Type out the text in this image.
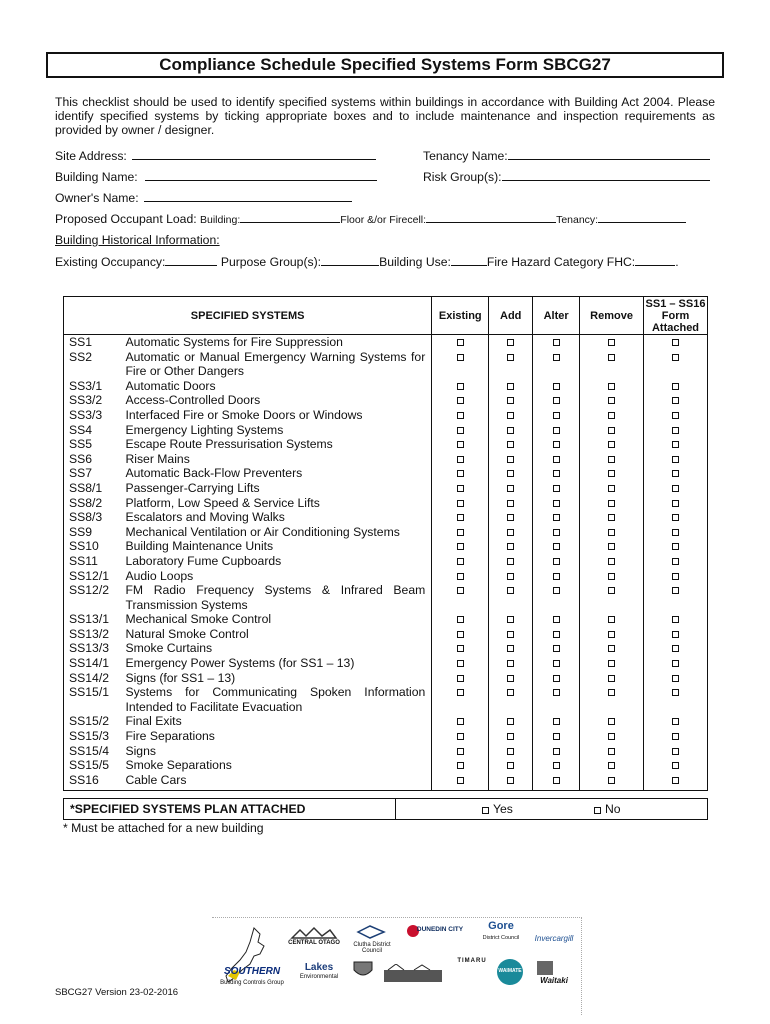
Compliance Schedule Specified Systems Form SBCG27

This checklist should be used to identify specified systems within buildings in accordance with Building Act 2004. Please identify specified systems by ticking appropriate boxes and to include maintenance and inspection requirements as provided by owner / designer.

Site Address:	Tenancy Name:
Building Name:	Risk Group(s):
Owner's Name:
Proposed Occupant Load: Building:	Floor &/or Firecell:	Tenancy:
Building Historical Information:
Existing Occupancy:	Purpose Group(s):	Building Use:	Fire Hazard Category FHC:	.
SPECIFIED SYSTEMS		Existing	Add	Alter	Remove	SS1 – SS16
Form
Attached
SS1	Automatic Systems for Fire Suppression					
SS2	Automatic or Manual Emergency Warning Systems for Fire or Other Dangers					
SS3/1	Automatic Doors					
SS3/2	Access-Controlled Doors					
SS3/3	Interfaced Fire or Smoke Doors or Windows					
SS4	Emergency Lighting Systems					
SS5	Escape Route Pressurisation Systems					
SS6	Riser Mains					
SS7	Automatic Back-Flow Preventers					
SS8/1	Passenger-Carrying Lifts					
SS8/2	Platform, Low Speed & Service Lifts					
SS8/3	Escalators and Moving Walks					
SS9	Mechanical Ventilation or Air Conditioning Systems					
SS10	Building Maintenance Units					
SS11	Laboratory Fume Cupboards					
SS12/1	Audio Loops					
SS12/2	FM Radio Frequency Systems & Infrared Beam Transmission Systems					
SS13/1	Mechanical Smoke Control					
SS13/2	Natural Smoke Control					
SS13/3	Smoke Curtains					
SS14/1	Emergency Power Systems (for SS1 – 13)					
SS14/2	Signs (for SS1 – 13)					
SS15/1	Systems for Communicating Spoken Information Intended to Facilitate Evacuation					
SS15/2	Final Exits					
SS15/3	Fire Separations					
SS15/4	Signs					
SS15/5	Smoke Separations					
SS16	Cable Cars					
*SPECIFIED SYSTEMS PLAN ATTACHED	Yes	No
* Must be attached for a new building
SOUTHERN
Building Controls Group
CENTRAL OTAGO	Clutha District Council
DUNEDIN CITY	Gore
District Council	Invercargill
Lakes
Environmental
TIMARU
WAIMATE
Waitaki
SBCG27 Version 23-02-2016
